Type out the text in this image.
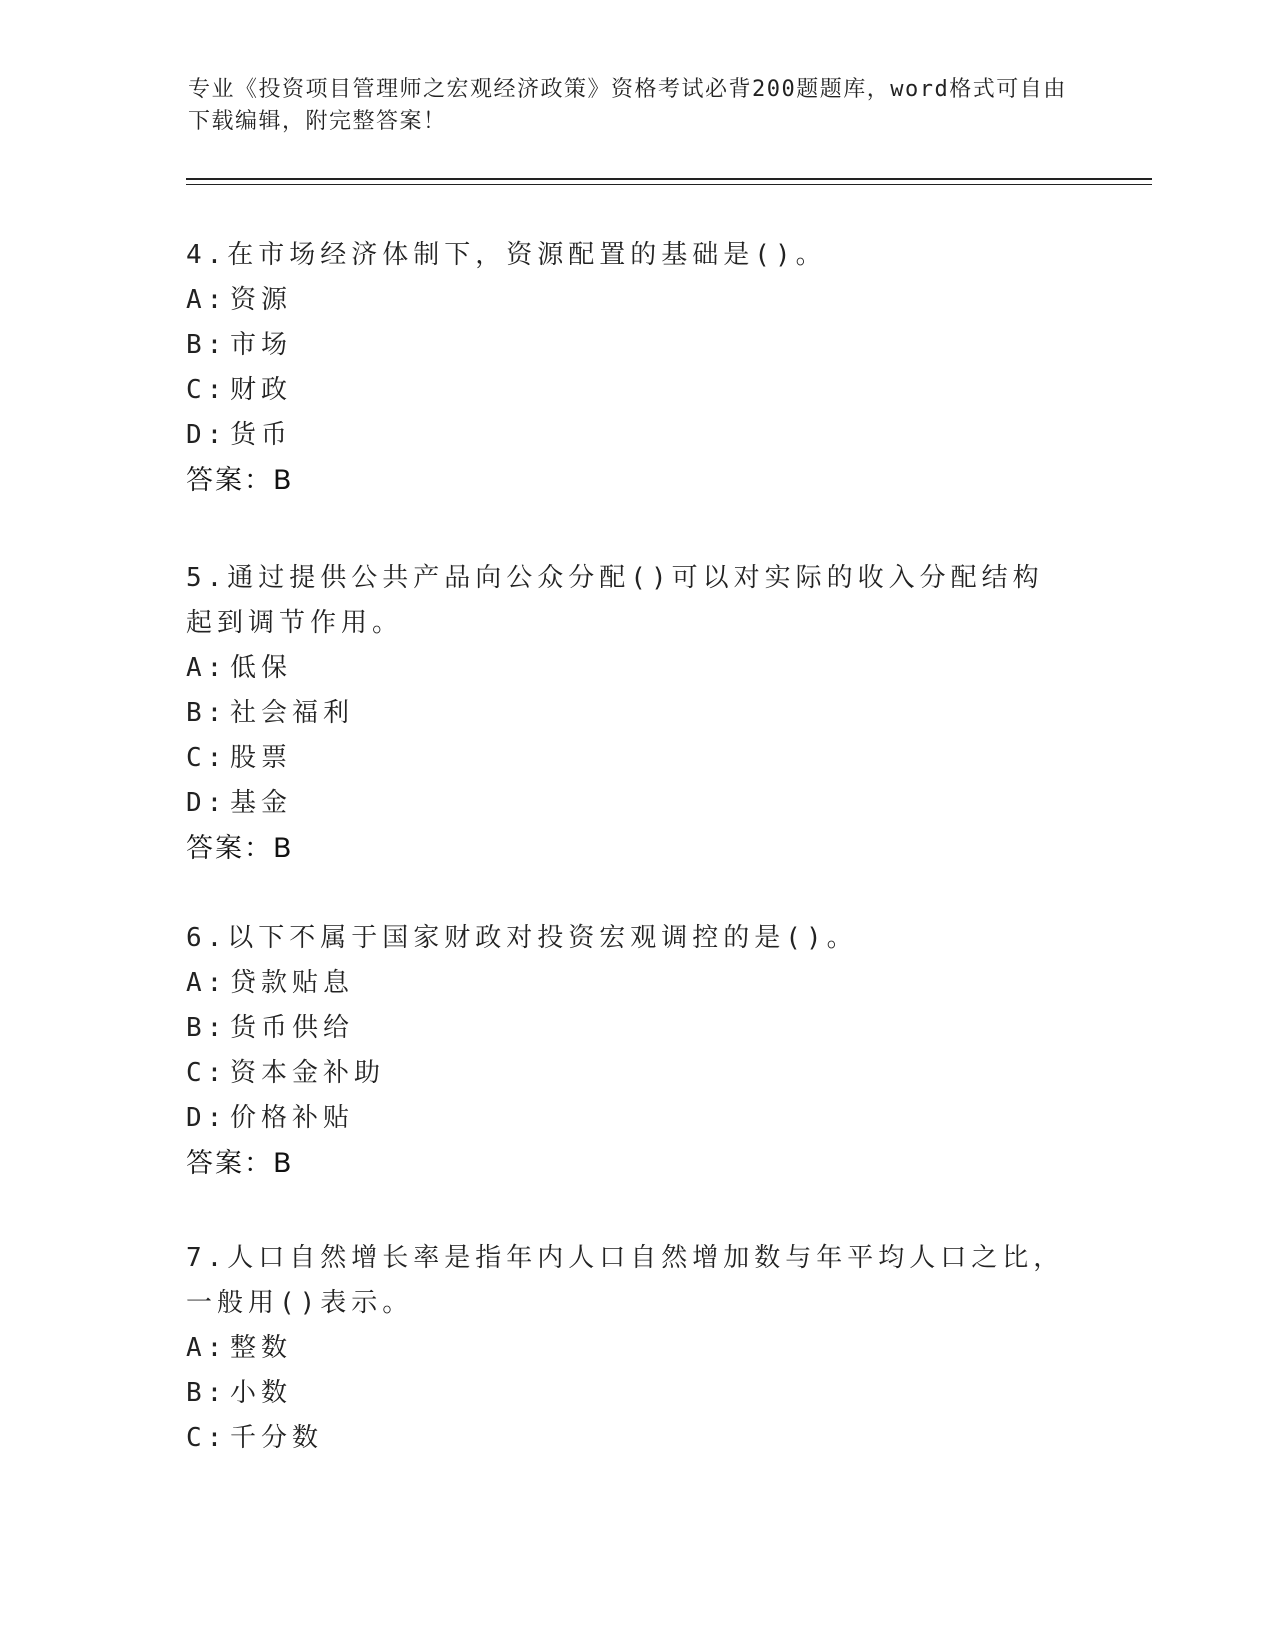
专业《投资项目管理师之宏观经济政策》资格考试必背200题题库，word格式可自由下载编辑，附完整答案！

4.在市场经济体制下，资源配置的基础是()。

A: 资源

B: 市场

C: 财政

D: 货币

答案：B

5.通过提供公共产品向公众分配()可以对实际的收入分配结构起到调节作用。

A: 低保

B: 社会福利

C: 股票

D: 基金

答案：B

6.以下不属于国家财政对投资宏观调控的是()。

A: 贷款贴息

B: 货币供给

C: 资本金补助

D: 价格补贴

答案：B

7.人口自然增长率是指年内人口自然增加数与年平均人口之比，一般用()表示。

A: 整数

B: 小数

C: 千分数
